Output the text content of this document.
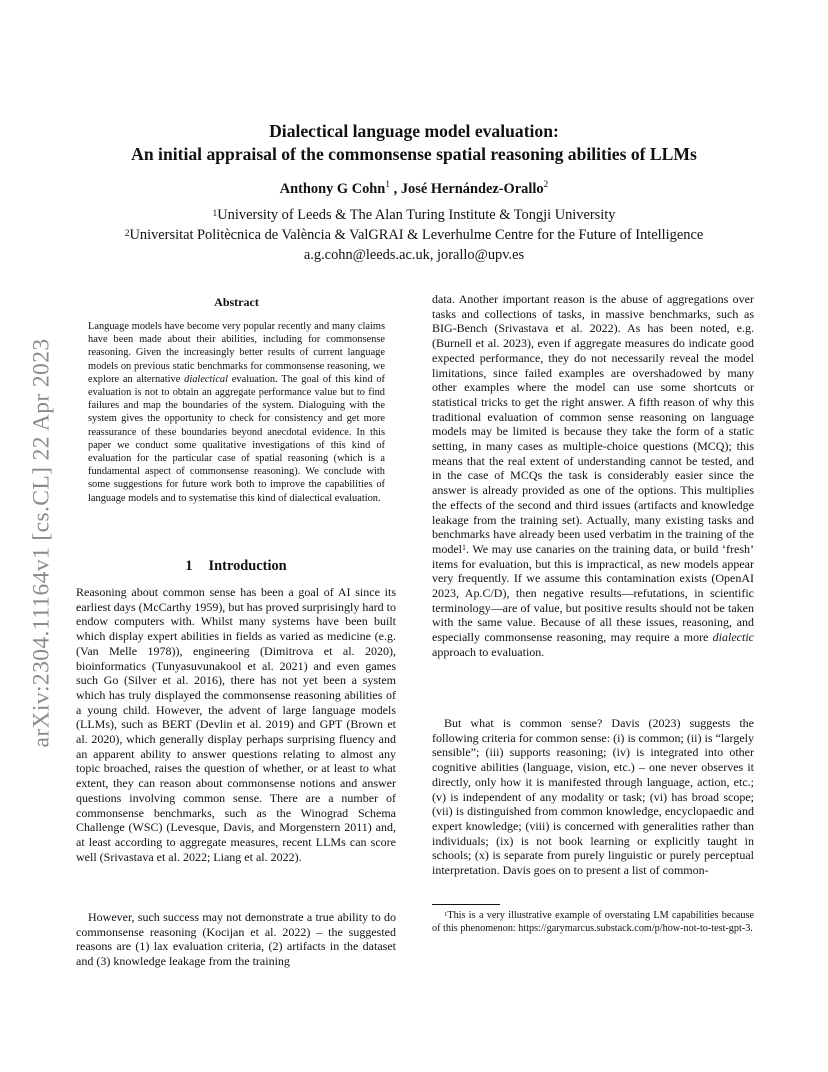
arXiv:2304.11164v1 [cs.CL] 22 Apr 2023
Dialectical language model evaluation:
An initial appraisal of the commonsense spatial reasoning abilities of LLMs
Anthony G Cohn$^1$ , José Hernández-Orallo$^2$
$^1$University of Leeds & The Alan Turing Institute & Tongji University
$^2$Universitat Politècnica de València & ValGRAI & Leverhulme Centre for the Future of Intelligence
a.g.cohn@leeds.ac.uk, jorallo@upv.es
Abstract
Language models have become very popular recently and many claims have been made about their abilities, including for commonsense reasoning. Given the increasingly better results of current language models on previous static benchmarks for commonsense reasoning, we explore an alternative dialectical evaluation. The goal of this kind of evaluation is not to obtain an aggregate performance value but to find failures and map the boundaries of the system. Dialoguing with the system gives the opportunity to check for consistency and get more reassurance of these boundaries beyond anecdotal evidence. In this paper we conduct some qualitative investigations of this kind of evaluation for the particular case of spatial reasoning (which is a fundamental aspect of commonsense reasoning). We conclude with some suggestions for future work both to improve the capabilities of language models and to systematise this kind of dialectical evaluation.
1 Introduction
Reasoning about common sense has been a goal of AI since its earliest days (McCarthy 1959), but has proved surprisingly hard to endow computers with. Whilst many systems have been built which display expert abilities in fields as varied as medicine (e.g. (Van Melle 1978)), engineering (Dimitrova et al. 2020), bioinformatics (Tunyasuvunakool et al. 2021) and even games such Go (Silver et al. 2016), there has not yet been a system which has truly displayed the commonsense reasoning abilities of a young child. However, the advent of large language models (LLMs), such as BERT (Devlin et al. 2019) and GPT (Brown et al. 2020), which generally display perhaps surprising fluency and an apparent ability to answer questions relating to almost any topic broached, raises the question of whether, or at least to what extent, they can reason about commonsense notions and answer questions involving common sense. There are a number of commonsense benchmarks, such as the Winograd Schema Challenge (WSC) (Levesque, Davis, and Morgenstern 2011) and, at least according to aggregate measures, recent LLMs can score well (Srivastava et al. 2022; Liang et al. 2022).
However, such success may not demonstrate a true ability to do commonsense reasoning (Kocijan et al. 2022) – the suggested reasons are (1) lax evaluation criteria, (2) artifacts in the dataset and (3) knowledge leakage from the training
data. Another important reason is the abuse of aggregations over tasks and collections of tasks, in massive benchmarks, such as BIG-Bench (Srivastava et al. 2022). As has been noted, e.g. (Burnell et al. 2023), even if aggregate measures do indicate good expected performance, they do not necessarily reveal the model limitations, since failed examples are overshadowed by many other examples where the model can use some shortcuts or statistical tricks to get the right answer. A fifth reason of why this traditional evaluation of common sense reasoning on language models may be limited is because they take the form of a static setting, in many cases as multiple-choice questions (MCQ); this means that the real extent of understanding cannot be tested, and in the case of MCQs the task is considerably easier since the answer is already provided as one of the options. This multiplies the effects of the second and third issues (artifacts and knowledge leakage from the training set). Actually, many existing tasks and benchmarks have already been used verbatim in the training of the model$^1$. We may use canaries on the training data, or build ‘fresh’ items for evaluation, but this is impractical, as new models appear very frequently. If we assume this contamination exists (OpenAI 2023, Ap.C/D), then negative results—refutations, in scientific terminology—are of value, but positive results should not be taken with the same value. Because of all these issues, reasoning, and especially commonsense reasoning, may require a more dialectic approach to evaluation.
But what is common sense? Davis (2023) suggests the following criteria for common sense: (i) is common; (ii) is “largely sensible”; (iii) supports reasoning; (iv) is integrated into other cognitive abilities (language, vision, etc.) – one never observes it directly, only how it is manifested through language, action, etc.; (v) is independent of any modality or task; (vi) has broad scope; (vii) is distinguished from common knowledge, encyclopaedic and expert knowledge; (viii) is concerned with generalities rather than individuals; (ix) is not book learning or explicitly taught in schools; (x) is separate from purely linguistic or purely perceptual interpretation. Davis goes on to present a list of common-
$^1$This is a very illustrative example of overstating LM capabilities because of this phenomenon: https://garymarcus.substack.com/p/how-not-to-test-gpt-3.
